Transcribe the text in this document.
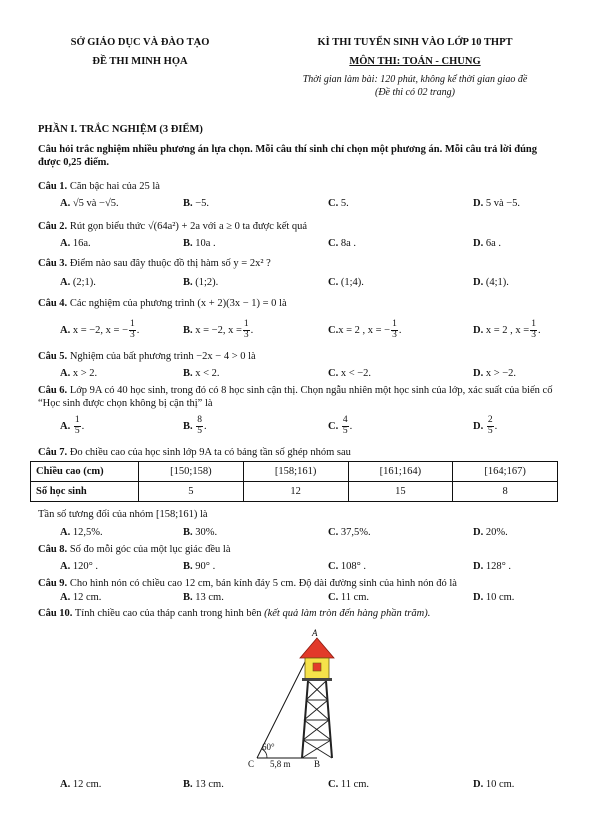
SỞ GIÁO DỤC VÀ ĐÀO TẠO
ĐỀ THI MINH HỌA
KÌ THI TUYỂN SINH VÀO LỚP 10 THPT
MÔN THI: TOÁN - CHUNG
Thời gian làm bài: 120 phút, không kể thời gian giao đề
(Đề thi có 02 trang)
PHẦN I. TRẮC NGHIỆM (3 ĐIỂM)
Câu hỏi trắc nghiệm nhiều phương án lựa chọn. Mỗi câu thí sinh chỉ chọn một phương án. Mỗi câu trả lời đúng được 0,25 điểm.
Câu 1. Căn bậc hai của 25 là
A. √5 và −√5.	B. −5.	C. 5.	D. 5 và −5.
Câu 2. Rút gọn biểu thức √(64a²) + 2a với a ≥ 0 ta được kết quả
A. 16a.	B. 10a .	C. 8a .	D. 6a .
Câu 3. Điểm nào sau đây thuộc đồ thị hàm số y = 2x² ?
A. (2;1).	B. (1;2).	C. (1;4).	D. (4;1).
Câu 4. Các nghiệm của phương trình (x + 2)(3x − 1) = 0 là
A. x = −2, x = − $\frac{1}{3}$ .	B. x = −2, $x = \frac{1}{3}$ .	C.x = 2 , x = − $\frac{1}{3}$ .	D. x = 2 , $x = \frac{1}{3}$ .
Câu 5. Nghiệm của bất phương trình −2x − 4 > 0 là
A. x > 2.	B. x < 2.	C. x < −2.	D. x > −2.
Câu 6. Lớp 9A có 40 học sinh, trong đó có 8 học sinh cận thị. Chọn ngẫu nhiên một học sinh của lớp, xác suất của biến cố “Học sinh được chọn không bị cận thị” là
A. $\frac{1}{5}$ .	B. $\frac{8}{5}$ .	C. $\frac{4}{5}$ .	D. $\frac{2}{5}$ .
Câu 7. Đo chiều cao của học sinh lớp 9A ta có bảng tần số ghép nhóm sau
Chiều cao (cm)	[150;158)	[158;161)	[161;164)	[164;167)
Số học sinh	5	12	15	8
Tần số tương đối của nhóm [158;161) là
A. 12,5%.	B. 30%.	C. 37,5%.	D. 20%.
Câu 8. Số đo mỗi góc của một lục giác đều là
A. 120° .	B. 90° .	C. 108° .	D. 128° .
Câu 9. Cho hình nón có chiều cao 12 cm, bán kính đáy 5 cm. Độ dài đường sinh của hình nón đó là
A. 12 cm.	B. 13 cm.	C. 11 cm.	D. 10 cm.
Câu 10. Tính chiều cao của tháp canh trong hình bên (kết quả làm tròn đến hàng phần trăm).
A
C	B
5,8 m
60°
A. 12 cm.	B. 13 cm.	C. 11 cm.	D. 10 cm.
